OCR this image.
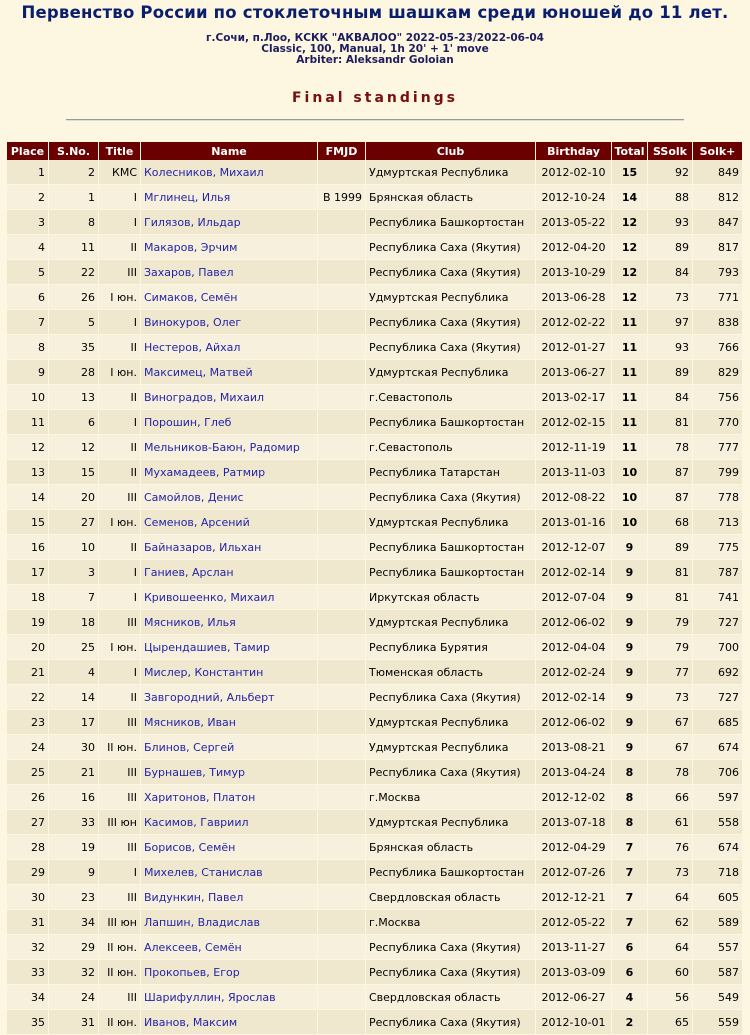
Первенство России по стоклеточным шашкам среди юношей до 11 лет.
г.Сочи, п.Лоо, КСКК "АКВАЛОО" 2022-05-23/2022-06-04
Classic, 100, Manual, 1h 20' + 1' move
Arbiter: Aleksandr Goloian
Final standings
Place	S.No.	Title	Name	FMJD	Club	Birthday	Total	SSolk	Solk+
1	2	КМС	Колесников, Михаил		Удмуртская Республика	2012-02-10	15	92	849
2	1	I	Мглинец, Илья	В 1999	Брянская область	2012-10-24	14	88	812
3	8	I	Гилязов, Ильдар		Республика Башкортостан	2013-05-22	12	93	847
4	11	II	Макаров, Эрчим		Республика Саха (Якутия)	2012-04-20	12	89	817
5	22	III	Захаров, Павел		Республика Саха (Якутия)	2013-10-29	12	84	793
6	26	I юн.	Симаков, Семён		Удмуртская Республика	2013-06-28	12	73	771
7	5	I	Винокуров, Олег		Республика Саха (Якутия)	2012-02-22	11	97	838
8	35	II	Нестеров, Айхал		Республика Саха (Якутия)	2012-01-27	11	93	766
9	28	I юн.	Максимец, Матвей		Удмуртская Республика	2013-06-27	11	89	829
10	13	II	Виноградов, Михаил		г.Севастополь	2013-02-17	11	84	756
11	6	I	Порошин, Глеб		Республика Башкортостан	2012-02-15	11	81	770
12	12	II	Мельников-Баюн, Радомир		г.Севастополь	2012-11-19	11	78	777
13	15	II	Мухамадеев, Ратмир		Республика Татарстан	2013-11-03	10	87	799
14	20	III	Самойлов, Денис		Республика Саха (Якутия)	2012-08-22	10	87	778
15	27	I юн.	Семенов, Арсений		Удмуртская Республика	2013-01-16	10	68	713
16	10	II	Байназаров, Ильхан		Республика Башкортостан	2012-12-07	9	89	775
17	3	I	Ганиев, Арслан		Республика Башкортостан	2012-02-14	9	81	787
18	7	I	Кривошеенко, Михаил		Иркутская область	2012-07-04	9	81	741
19	18	III	Мясников, Илья		Удмуртская Республика	2012-06-02	9	79	727
20	25	I юн.	Цырендашиев, Тамир		Республика Бурятия	2012-04-04	9	79	700
21	4	I	Мислер, Константин		Тюменская область	2012-02-24	9	77	692
22	14	II	Завгородний, Альберт		Республика Саха (Якутия)	2012-02-14	9	73	727
23	17	III	Мясников, Иван		Удмуртская Республика	2012-06-02	9	67	685
24	30	II юн.	Блинов, Сергей		Удмуртская Республика	2013-08-21	9	67	674
25	21	III	Бурнашев, Тимур		Республика Саха (Якутия)	2013-04-24	8	78	706
26	16	III	Харитонов, Платон		г.Москва	2012-12-02	8	66	597
27	33	III юн	Касимов, Гавриил		Удмуртская Республика	2013-07-18	8	61	558
28	19	III	Борисов, Семён		Брянская область	2012-04-29	7	76	674
29	9	I	Михелев, Станислав		Республика Башкортостан	2012-07-26	7	73	718
30	23	III	Видункин, Павел		Свердловская область	2012-12-21	7	64	605
31	34	III юн	Лапшин, Владислав		г.Москва	2012-05-22	7	62	589
32	29	II юн.	Алексеев, Семён		Республика Саха (Якутия)	2013-11-27	6	64	557
33	32	II юн.	Прокопьев, Егор		Республика Саха (Якутия)	2013-03-09	6	60	587
34	24	III	Шарифуллин, Ярослав		Свердловская область	2012-06-27	4	56	549
35	31	II юн.	Иванов, Максим		Республика Саха (Якутия)	2012-10-01	2	65	559
